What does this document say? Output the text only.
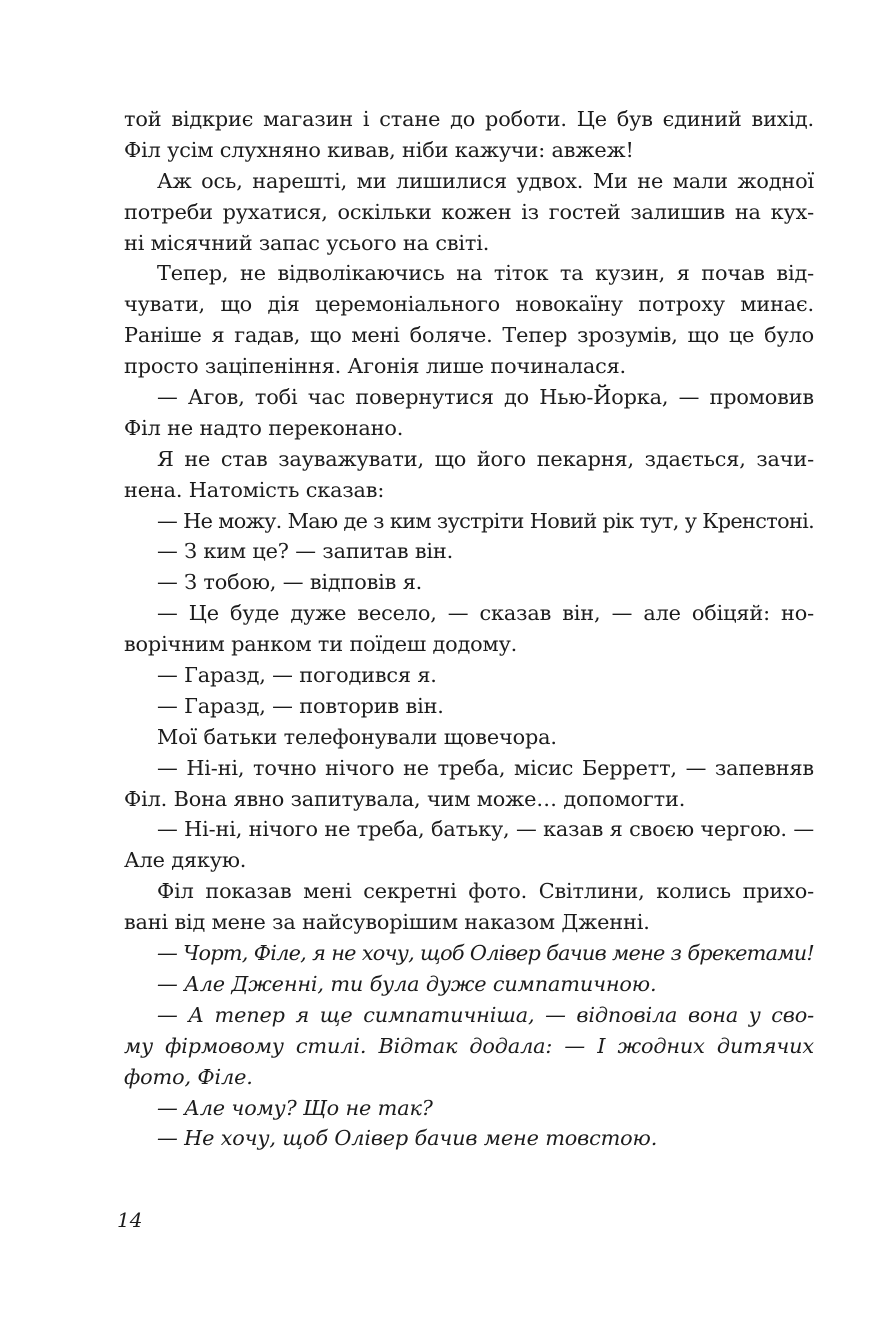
той відкриє магазин і стане до роботи. Це був єдиний вихід.
Філ усім слухняно кивав, ніби кажучи: авжеж!
Аж ось, нарешті, ми лишилися удвох. Ми не мали жодної
потреби рухатися, оскільки кожен із гостей залишив на кух-
ні місячний запас усього на світі.
Тепер, не відволікаючись на тіток та кузин, я почав від-
чувати, що дія церемоніального новокаїну потроху минає.
Раніше я гадав, що мені боляче. Тепер зрозумів, що це було
просто заціпеніння. Агонія лише починалася.
— Агов, тобі час повернутися до Нью-Йорка, — промовив
Філ не надто переконано.
Я не став зауважувати, що його пекарня, здається, зачи-
нена. Натомість сказав:
— Не можу. Маю де з ким зустріти Новий рік тут, у Кренстоні.
— З ким це? — запитав він.
— З тобою, — відповів я.
— Це буде дуже весело, — сказав він, — але обіцяй: но-
ворічним ранком ти поїдеш додому.
— Гаразд, — погодився я.
— Гаразд, — повторив він.
Мої батьки телефонували щовечора.
— Ні-ні, точно нічого не треба, місис Берретт, — запевняв
Філ. Вона явно запитувала, чим може… допомогти.
— Ні-ні, нічого не треба, батьку, — казав я своєю чергою. —
Але дякую.
Філ показав мені секретні фото. Світлини, колись прихо-
вані від мене за найсуворішим наказом Дженні.
— Чорт, Філе, я не хочу, щоб Олівер бачив мене з брекетами!
— Але Дженні, ти була дуже симпатичною.
— А тепер я ще симпатичніша, — відповіла вона у сво-
му фірмовому стилі. Відтак додала: — І жодних дитячих
фото, Філе.
— Але чому? Що не так?
— Не хочу, щоб Олівер бачив мене товстою.
14
